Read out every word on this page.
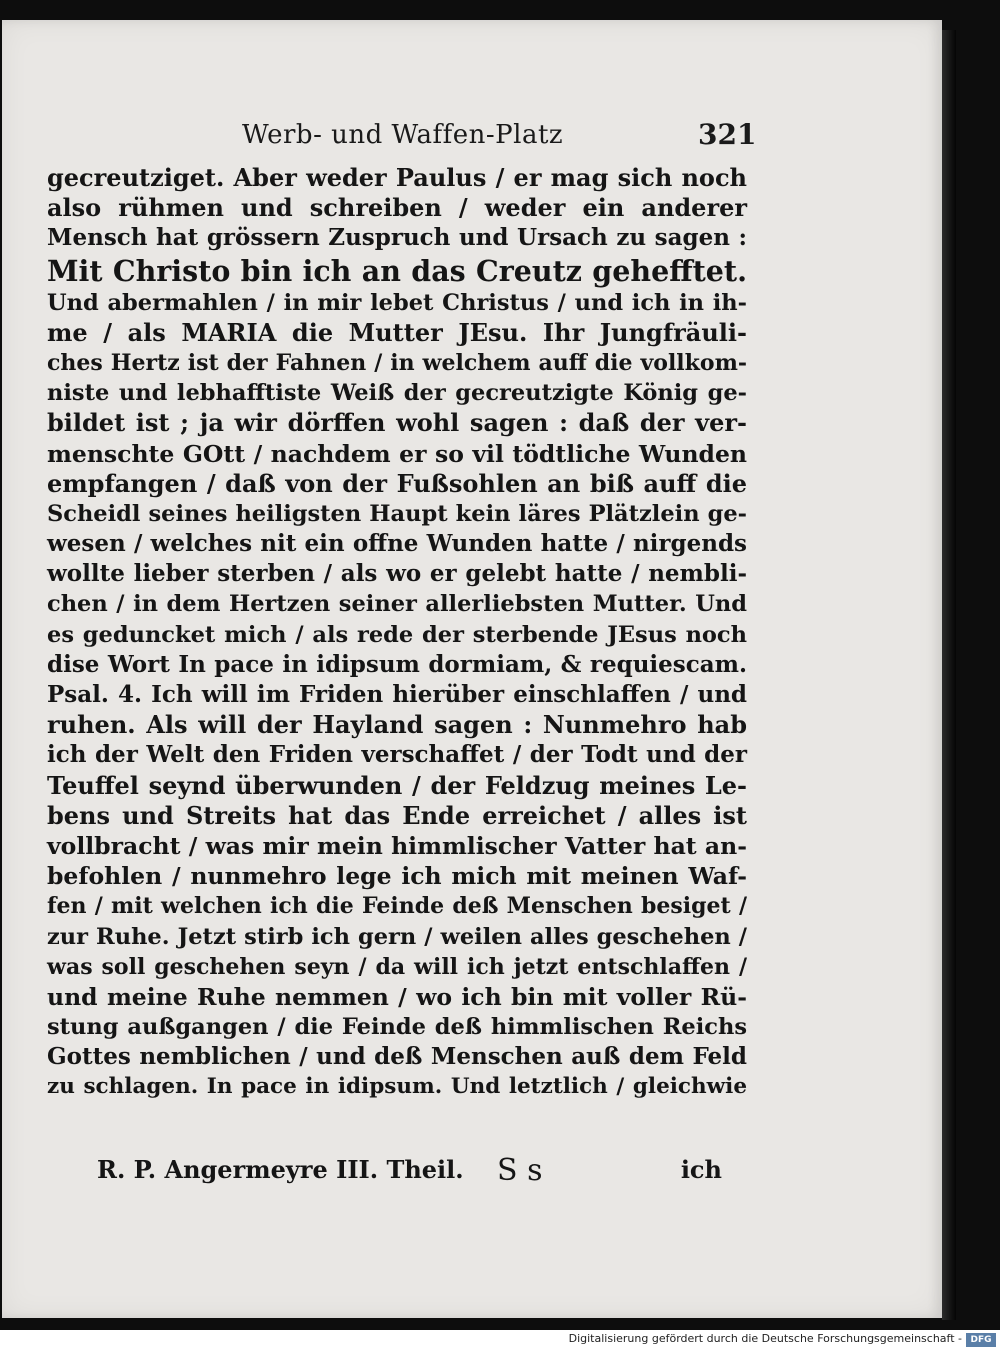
Werb- und Waffen-Platz	321
gecreutziget. Aber weder Paulus / er mag sich noch
also rühmen und schreiben / weder ein anderer
Mensch hat grössern Zuspruch und Ursach zu sagen :
Mit Christo bin ich an das Creutz gehefftet.
Und abermahlen / in mir lebet Christus / und ich in ih-
me / als MARIA die Mutter JEsu. Ihr Jungfräuli-
ches Hertz ist der Fahnen / in welchem auff die vollkom-
niste und lebhafftiste Weiß der gecreutzigte König ge-
bildet ist ; ja wir dörffen wohl sagen : daß der ver-
menschte GOtt / nachdem er so vil tödtliche Wunden
empfangen / daß von der Fußsohlen an biß auff die
Scheidl seines heiligsten Haupt kein läres Plätzlein ge-
wesen / welches nit ein offne Wunden hatte / nirgends
wollte lieber sterben / als wo er gelebt hatte / nembli-
chen / in dem Hertzen seiner allerliebsten Mutter. Und
es geduncket mich / als rede der sterbende JEsus noch
dise Wort In pace in idipsum dormiam, & requiescam.
Psal. 4. Ich will im Friden hierüber einschlaffen / und
ruhen. Als will der Hayland sagen : Nunmehro hab
ich der Welt den Friden verschaffet / der Todt und der
Teuffel seynd überwunden / der Feldzug meines Le-
bens und Streits hat das Ende erreichet / alles ist
vollbracht / was mir mein himmlischer Vatter hat an-
befohlen / nunmehro lege ich mich mit meinen Waf-
fen / mit welchen ich die Feinde deß Menschen besiget /
zur Ruhe. Jetzt stirb ich gern / weilen alles geschehen /
was soll geschehen seyn / da will ich jetzt entschlaffen /
und meine Ruhe nemmen / wo ich bin mit voller Rü-
stung außgangen / die Feinde deß himmlischen Reichs
Gottes nemblichen / und deß Menschen auß dem Feld
zu schlagen. In pace in idipsum. Und letztlich / gleichwie
R. P. Angermeyre III. Theil. S s	ich
Digitalisierung gefördert durch die Deutsche Forschungsgemeinschaft - DFG
